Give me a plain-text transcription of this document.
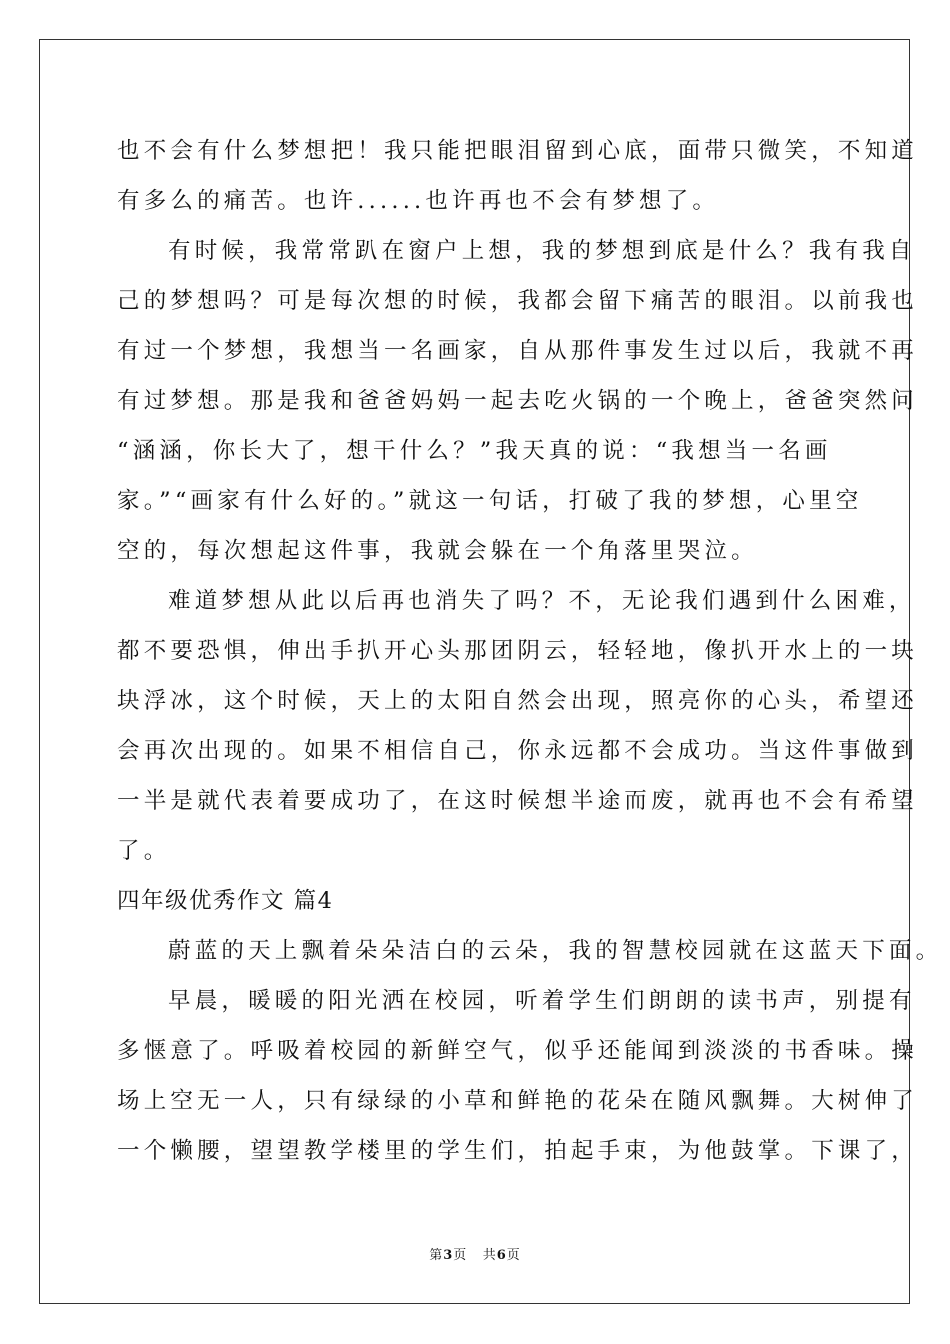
也不会有什么梦想把！我只能把眼泪留到心底，面带只微笑，不知道
有多么的痛苦。也许......也许再也不会有梦想了。
有时候，我常常趴在窗户上想，我的梦想到底是什么？我有我自
己的梦想吗？可是每次想的时候，我都会留下痛苦的眼泪。以前我也
有过一个梦想，我想当一名画家，自从那件事发生过以后，我就不再
有过梦想。那是我和爸爸妈妈一起去吃火锅的一个晚上，爸爸突然问
“涵涵，你长大了，想干什么？”我天真的说：“我想当一名画
家。”“画家有什么好的。”就这一句话，打破了我的梦想，心里空
空的，每次想起这件事，我就会躲在一个角落里哭泣。
难道梦想从此以后再也消失了吗？不，无论我们遇到什么困难，
都不要恐惧，伸出手扒开心头那团阴云，轻轻地，像扒开水上的一块
块浮冰，这个时候，天上的太阳自然会出现，照亮你的心头，希望还
会再次出现的。如果不相信自己，你永远都不会成功。当这件事做到
一半是就代表着要成功了，在这时候想半途而废，就再也不会有希望
了。
四年级优秀作文 篇4
蔚蓝的天上飘着朵朵洁白的云朵，我的智慧校园就在这蓝天下面。
早晨，暖暖的阳光洒在校园，听着学生们朗朗的读书声，别提有
多惬意了。呼吸着校园的新鲜空气，似乎还能闻到淡淡的书香味。操
场上空无一人，只有绿绿的小草和鲜艳的花朵在随风飘舞。大树伸了
一个懒腰，望望教学楼里的学生们，拍起手束，为他鼓掌。下课了，
第3页 共6页
